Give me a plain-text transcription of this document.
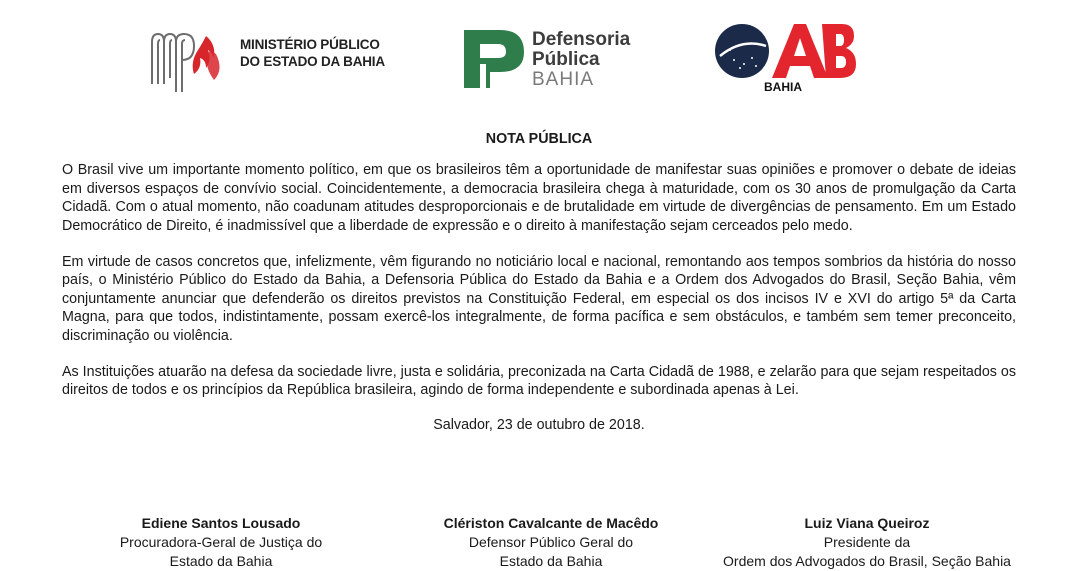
MINISTÉRIO PÚBLICO
DO ESTADO DA BAHIA
Defensoria
Pública
BAHIA	BAHIA
NOTA PÚBLICA

O Brasil vive um importante momento político, em que os brasileiros têm a oportunidade de manifestar suas opiniões e promover o debate de ideias em diversos espaços de convívio social. Coincidentemente, a democracia brasileira chega à maturidade, com os 30 anos de promulgação da Carta Cidadã. Com o atual momento, não coadunam atitudes desproporcionais e de brutalidade em virtude de divergências de pensamento. Em um Estado Democrático de Direito, é inadmissível que a liberdade de expressão e o direito à manifestação sejam cerceados pelo medo.

Em virtude de casos concretos que, infelizmente, vêm figurando no noticiário local e nacional, remontando aos tempos sombrios da história do nosso país, o Ministério Público do Estado da Bahia, a Defensoria Pública do Estado da Bahia e a Ordem dos Advogados do Brasil, Seção Bahia, vêm conjuntamente anunciar que defenderão os direitos previstos na Constituição Federal, em especial os dos incisos IV e XVI do artigo 5ª da Carta Magna, para que todos, indistintamente, possam exercê-los integralmente, de forma pacífica e sem obstáculos, e também sem temer preconceito, discriminação ou violência.

As Instituições atuarão na defesa da sociedade livre, justa e solidária, preconizada na Carta Cidadã de 1988, e zelarão para que sejam respeitados os direitos de todos e os princípios da República brasileira, agindo de forma independente e subordinada apenas à Lei.

Salvador, 23 de outubro de 2018.
Ediene Santos Lousado
Procuradora-Geral de Justiça do
Estado da Bahia
Clériston Cavalcante de Macêdo
Defensor Público Geral do
Estado da Bahia
Luiz Viana Queiroz
Presidente da
Ordem dos Advogados do Brasil, Seção Bahia
